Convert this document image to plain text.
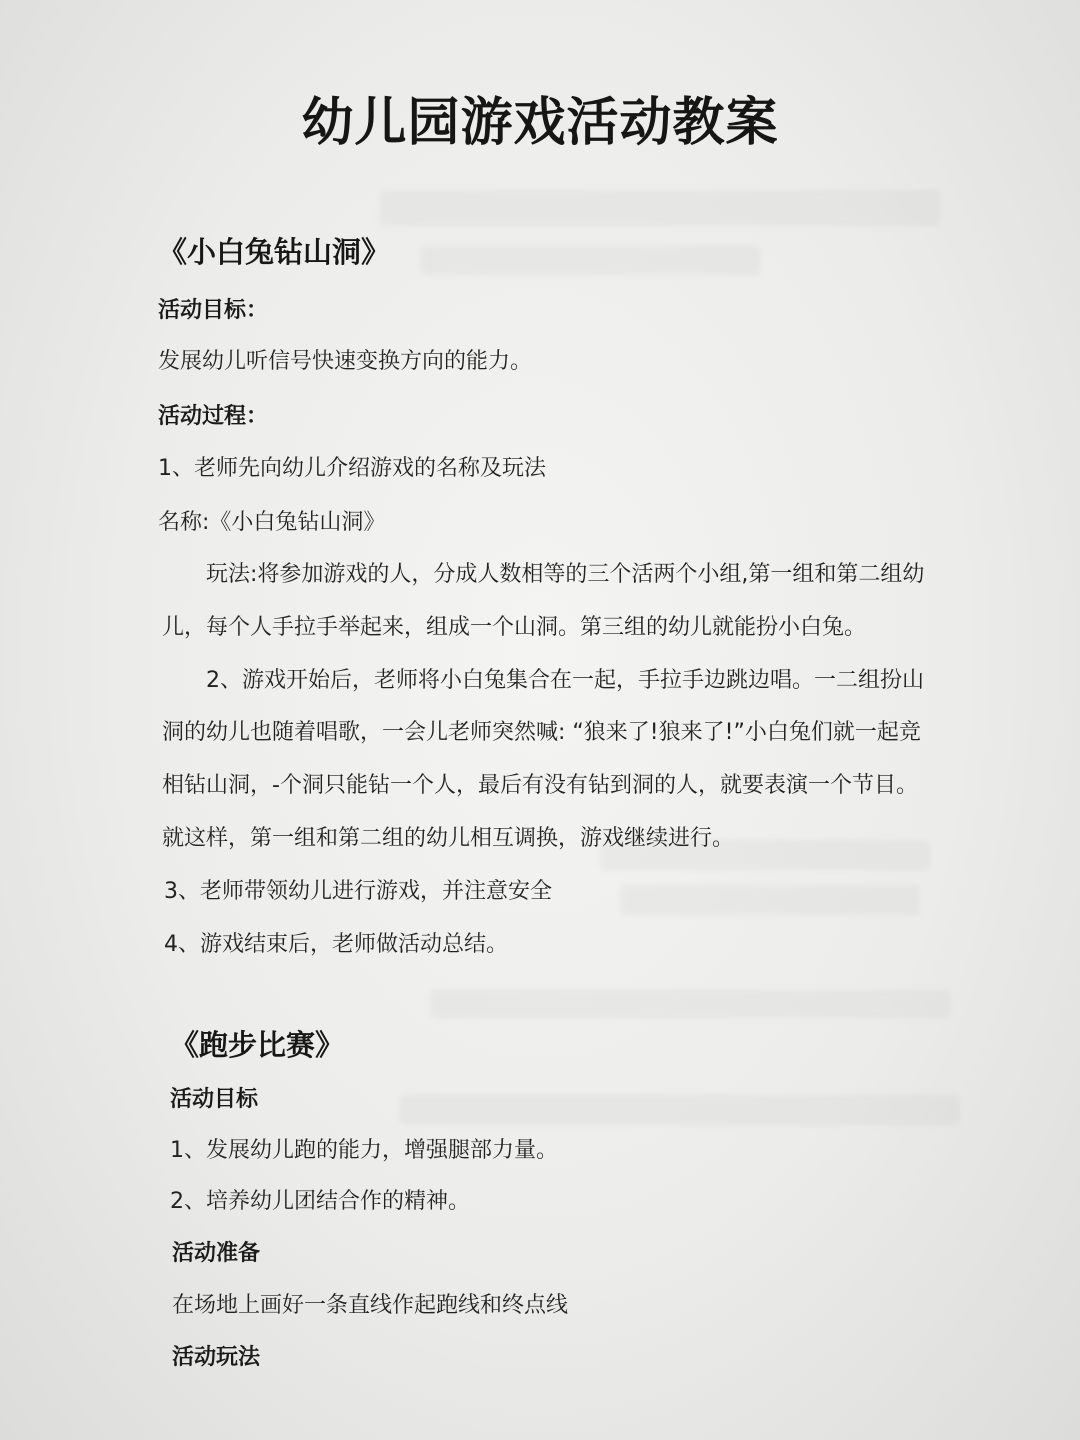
幼儿园游戏活动教案
《小白兔钻山洞》
活动目标：
发展幼儿听信号快速变换方向的能力。
活动过程：
1、老师先向幼儿介绍游戏的名称及玩法
名称:《小白兔钻山洞》
玩法:将参加游戏的人，分成人数相等的三个活两个小组,第一组和第二组幼
儿，每个人手拉手举起来，组成一个山洞。第三组的幼儿就能扮小白兔。
2、游戏开始后，老师将小白兔集合在一起，手拉手边跳边唱。一二组扮山
洞的幼儿也随着唱歌，一会儿老师突然喊: “狼来了!狼来了!”小白兔们就一起竞
相钻山洞，-个洞只能钻一个人，最后有没有钻到洞的人，就要表演一个节目。
就这样，第一组和第二组的幼儿相互调换，游戏继续进行。
3、老师带领幼儿进行游戏，并注意安全
4、游戏结束后，老师做活动总结。
《跑步比赛》
活动目标
1、发展幼儿跑的能力，增强腿部力量。
2、培养幼儿团结合作的精神。
活动准备
在场地上画好一条直线作起跑线和终点线
活动玩法
